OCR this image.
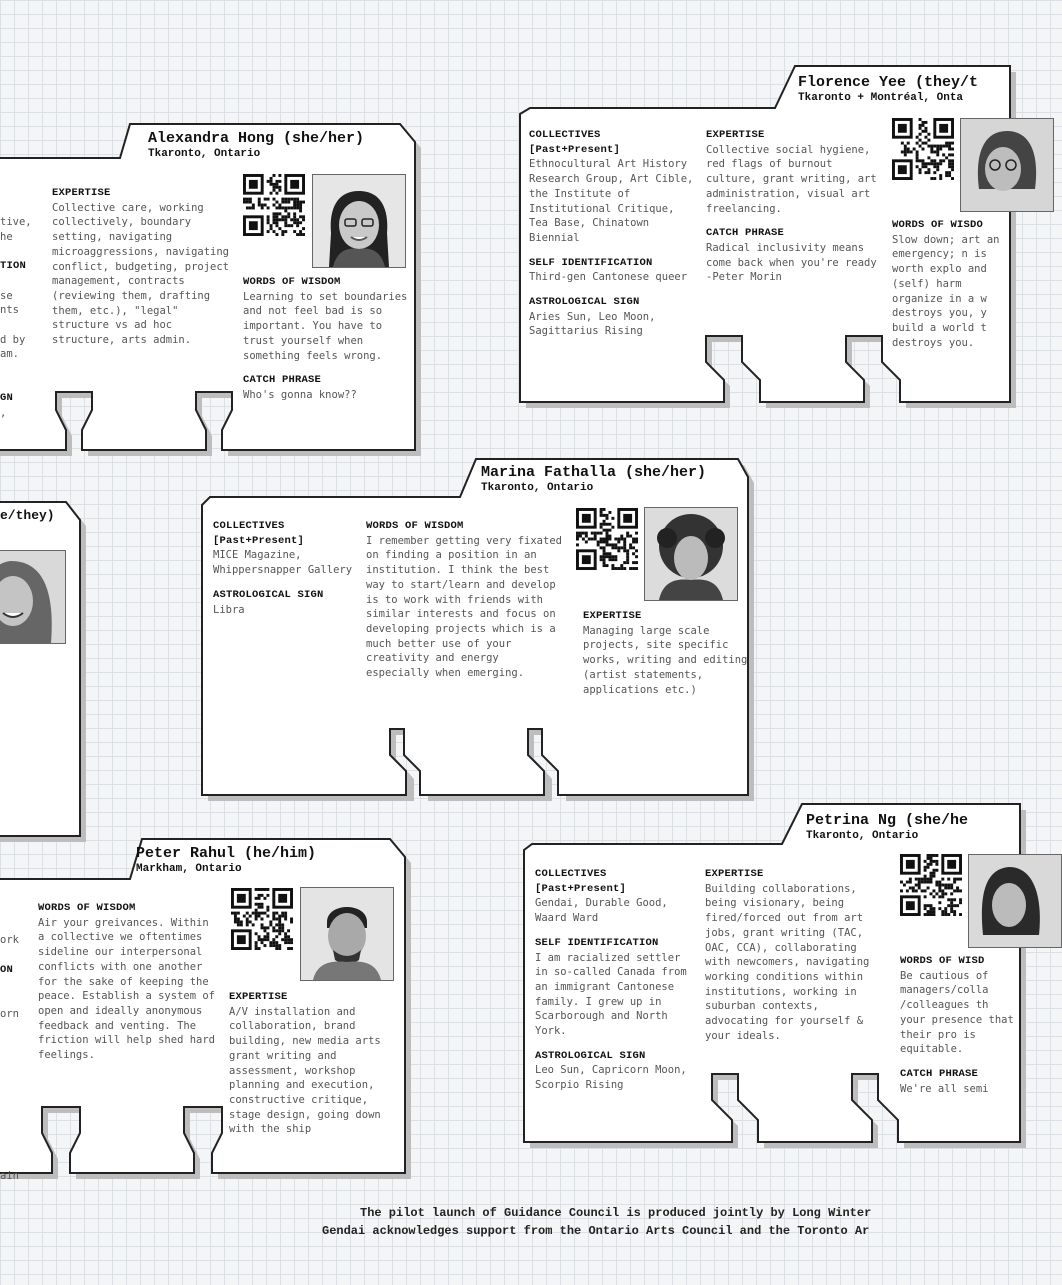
Alexandra Hong (she/her)
Tkaronto, Ontario
tive,
he

TION

se
nts

d by
am.

GN
,
EXPERTISE
Collective care, working collectively, boundary setting, navigating microaggressions, navigating conflict, budgeting, project management, contracts (reviewing them, drafting them, etc.), "legal" structure vs ad hoc structure, arts admin.
WORDS OF WISDOM
Learning to set boundaries and not feel bad is so important. You have to trust yourself when something feels wrong.
CATCH PHRASE
Who's gonna know??
Florence Yee (they/t
Tkaronto + Montréal, Onta
COLLECTIVES [Past+Present]
Ethnocultural Art History Research Group, Art Cible, the Institute of Institutional Critique, Tea Base, Chinatown Biennial
SELF IDENTIFICATION
Third-gen Cantonese queer
ASTROLOGICAL SIGN
Aries Sun, Leo Moon, Sagittarius Rising
EXPERTISE
Collective social hygiene, red flags of burnout culture, grant writing, art administration, visual art freelancing.
CATCH PHRASE
Radical inclusivity means come back when you're ready -Peter Morin
WORDS OF WISDO
Slow down; art an emergency; n is worth explo and (self) harm organize in a w destroys you, y build a world t destroys you.
e/they)
Marina Fathalla (she/her)
Tkaronto, Ontario
COLLECTIVES [Past+Present]
MICE Magazine, Whippersnapper Gallery
ASTROLOGICAL SIGN
Libra
WORDS OF WISDOM
I remember getting very fixated on finding a position in an institution. I think the best way to start/learn and develop is to work with friends with similar interests and focus on developing projects which is a much better use of your creativity and energy especially when emerging.
EXPERTISE
Managing large scale projects, site specific works, writing and editing (artist statements, applications etc.)
Peter Rahul (he/him)
Markham, Ontario

ork

ON

orn

ain
WORDS OF WISDOM
Air your greivances. Within a collective we oftentimes sideline our interpersonal conflicts with one another for the sake of keeping the peace. Establish a system of open and ideally anonymous feedback and venting. The friction will help shed hard feelings.
EXPERTISE
A/V installation and collaboration, brand building, new media arts grant writing and assessment, workshop planning and execution, constructive critique, stage design, going down with the ship
Petrina Ng (she/he
Tkaronto, Ontario
COLLECTIVES [Past+Present]
Gendai, Durable Good, Waard Ward
SELF IDENTIFICATION
I am racialized settler in so-called Canada from an immigrant Cantonese family. I grew up in Scarborough and North York.
ASTROLOGICAL SIGN
Leo Sun, Capricorn Moon, Scorpio Rising
EXPERTISE
Building collaborations, being visionary, being fired/forced out from art jobs, grant writing (TAC, OAC, CCA), collaborating with newcomers, navigating working conditions within institutions, working in suburban contexts, advocating for yourself & your ideals.
WORDS OF WISD
Be cautious of managers/colla /colleagues th your presence that their pro is equitable.
CATCH PHRASE
We're all semi
The pilot launch of Guidance Council is produced jointly by Long Winter
Gendai acknowledges support from the Ontario Arts Council and the Toronto Ar
